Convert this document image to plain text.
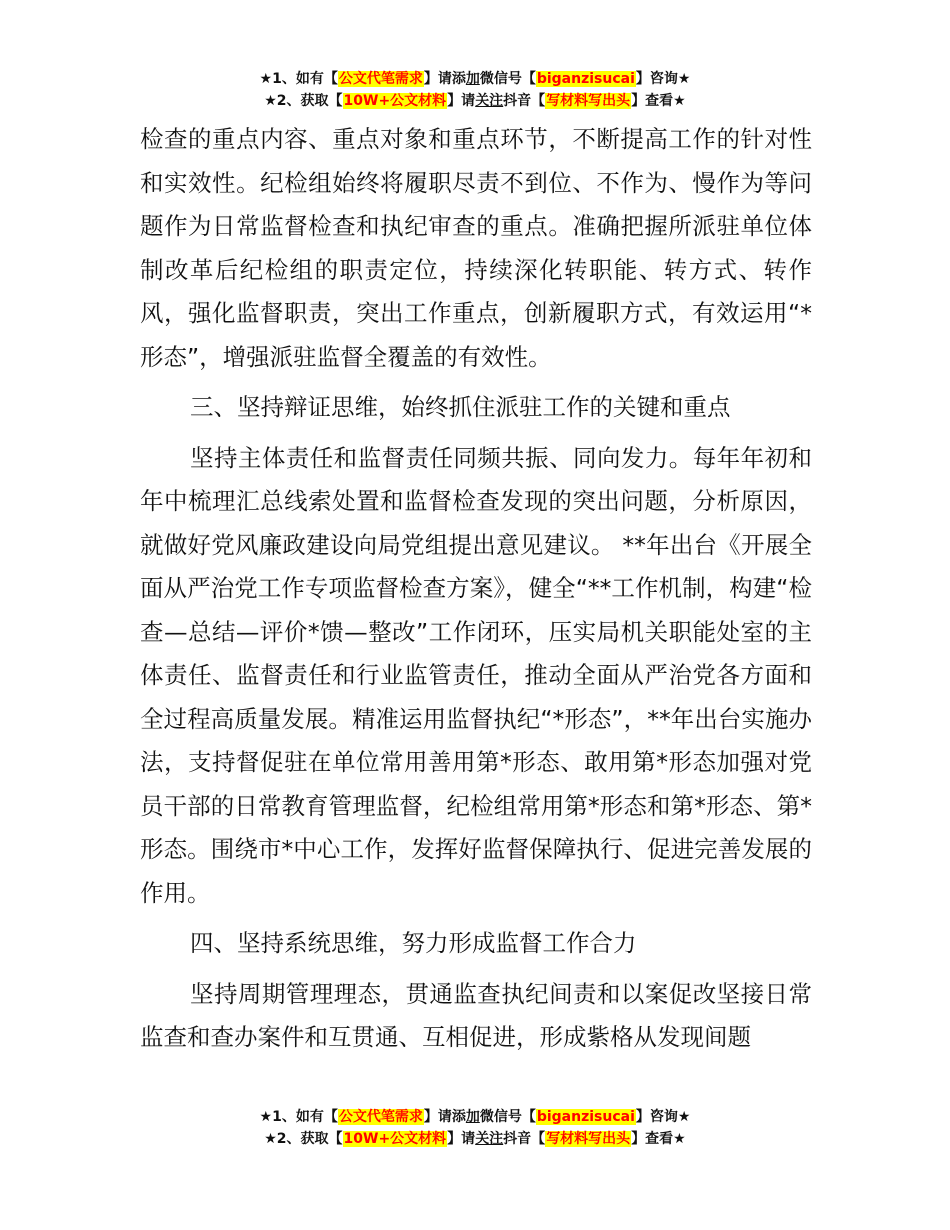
★1、如有【公文代笔需求】请添加微信号【biganzisucai】咨询★
★2、获取【10W+公文材料】请关注抖音【写材料写出头】查看★

检查的重点内容、重点对象和重点环节，不断提高工作的针对性和实效性。纪检组始终将履职尽责不到位、不作为、慢作为等问题作为日常监督检查和执纪审查的重点。准确把握所派驻单位体制改革后纪检组的职责定位，持续深化转职能、转方式、转作风，强化监督职责，突出工作重点，创新履职方式，有效运用“*形态”，增强派驻监督全覆盖的有效性。

三、坚持辩证思维，始终抓住派驻工作的关键和重点

坚持主体责任和监督责任同频共振、同向发力。每年年初和年中梳理汇总线索处置和监督检查发现的突出问题，分析原因，就做好党风廉政建设向局党组提出意见建议。 **年出台《开展全面从严治党工作专项监督检查方案》，健全“**工作机制，构建“检查—总结—评价*馈—整改”工作闭环，压实局机关职能处室的主体责任、监督责任和行业监管责任，推动全面从严治党各方面和全过程高质量发展。精准运用监督执纪“*形态”，**年出台实施办法，支持督促驻在单位常用善用第*形态、敢用第*形态加强对党员干部的日常教育管理监督，纪检组常用第*形态和第*形态、第*形态。围绕市*中心工作，发挥好监督保障执行、促进完善发展的作用。

四、坚持系统思维，努力形成监督工作合力

坚持周期管理理态，贯通监查执纪间责和以案促改坚接日常监查和查办案件和互贯通、互相促进，形成紫格从发现间题

★1、如有【公文代笔需求】请添加微信号【biganzisucai】咨询★
★2、获取【10W+公文材料】请关注抖音【写材料写出头】查看★
